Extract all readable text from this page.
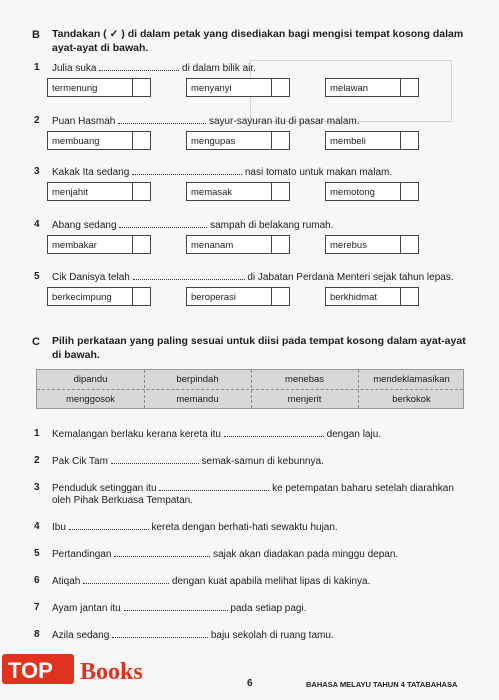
B Tandakan ( ✓ ) di dalam petak yang disediakan bagi mengisi tempat kosong dalam
ayat-ayat di bawah.
1 Julia suka	di dalam bilik air.
termenung	menyanyi	melawan
2 Puan Hasmah	sayur-sayuran itu di pasar malam.
membuang	mengupas	membeli
3 Kakak Ita sedang	nasi tomato untuk makan malam.
menjahit	memasak	memotong
4 Abang sedang	sampah di belakang rumah.
membakar	menanam	merebus
5 Cik Danisya telah	di Jabatan Perdana Menteri sejak tahun lepas.
berkecimpung	beroperasi	berkhidmat
C Pilih perkataan yang paling sesuai untuk diisi pada tempat kosong dalam ayat-ayat
di bawah.
dipandu	berpindah	menebas	mendeklamasikan
menggosok	memandu	menjerit	berkokok
1 Kemalangan berlaku kerana kereta itu	dengan laju.
2 Pak Cik Tam	semak-samun di kebunnya.
3 Penduduk setinggan itu	ke petempatan baharu setelah diarahkan
oleh Pihak Berkuasa Tempatan.
4 Ibu	kereta dengan berhati-hati sewaktu hujan.
5 Pertandingan	sajak akan diadakan pada minggu depan.
6 Atiqah	dengan kuat apabila melihat lipas di kakinya.
7 Ayam jantan itu	pada setiap pagi.
8 Azila sedang	baju sekolah di ruang tamu.
TOP Books	6	BAHASA MELAYU TAHUN 4 TATABAHASA
